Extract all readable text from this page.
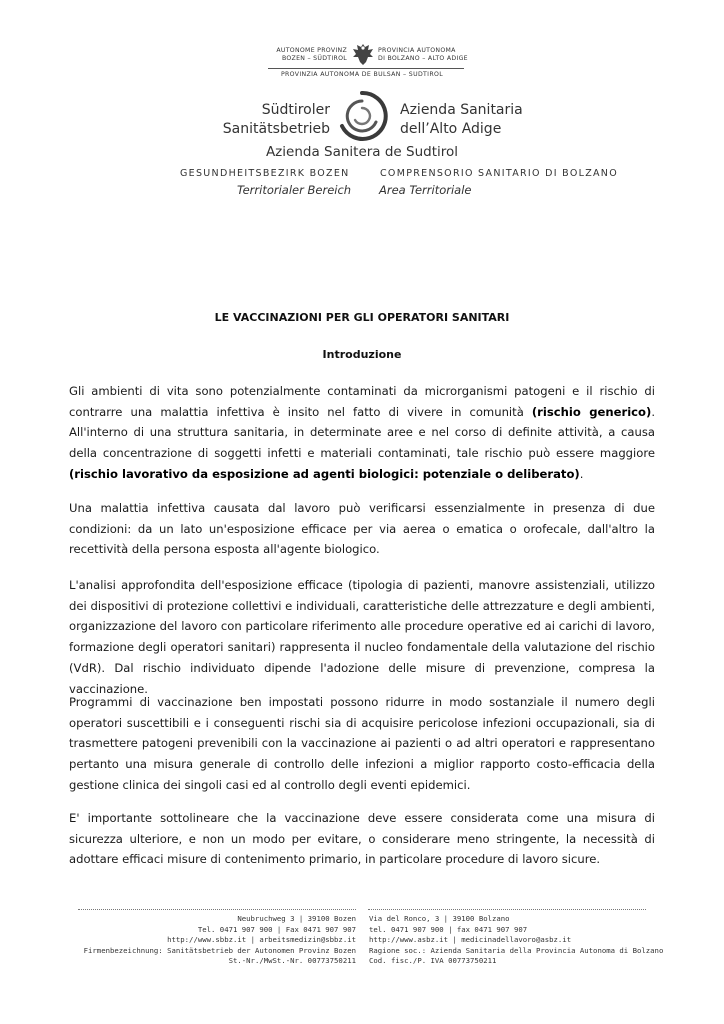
AUTONOME PROVINZ
BOZEN – SÜDTIROL
PROVINCIA AUTONOMA
DI BOLZANO – ALTO ADIGE
PROVINZIA AUTONOMA DE BULSAN – SUDTIROL
Südtiroler
Sanitätsbetrieb
Azienda Sanitaria
dell’Alto Adige
Azienda Sanitera de Sudtirol
GESUNDHEITSBEZIRK BOZEN
Territorialer Bereich
COMPRENSORIO SANITARIO DI BOLZANO
Area Territoriale
LE VACCINAZIONI PER GLI OPERATORI SANITARI
Introduzione
Gli ambienti di vita sono potenzialmente contaminati da microrganismi patogeni e il rischio di contrarre una malattia infettiva è insito nel fatto di vivere in comunità (rischio generico). All'interno di una struttura sanitaria, in determinate aree e nel corso di definite attività, a causa della concentrazione di soggetti infetti e materiali contaminati, tale rischio può essere maggiore (rischio lavorativo da esposizione ad agenti biologici: potenziale o deliberato).
Una malattia infettiva causata dal lavoro può verificarsi essenzialmente in presenza di due condizioni: da un lato un'esposizione efficace per via aerea o ematica o orofecale, dall'altro la recettività della persona esposta all'agente biologico.
L'analisi approfondita dell'esposizione efficace (tipologia di pazienti, manovre assistenziali, utilizzo dei dispositivi di protezione collettivi e individuali, caratteristiche delle attrezzature e degli ambienti, organizzazione del lavoro con particolare riferimento alle procedure operative ed ai carichi di lavoro, formazione degli operatori sanitari) rappresenta il nucleo fondamentale della valutazione del rischio (VdR). Dal rischio individuato dipende l'adozione delle misure di prevenzione, compresa la vaccinazione.
Programmi di vaccinazione ben impostati possono ridurre in modo sostanziale il numero degli operatori suscettibili e i conseguenti rischi sia di acquisire pericolose infezioni occupazionali, sia di trasmettere patogeni prevenibili con la vaccinazione ai pazienti o ad altri operatori e rappresentano pertanto una misura generale di controllo delle infezioni a miglior rapporto costo-efficacia della gestione clinica dei singoli casi ed al controllo degli eventi epidemici.
E' importante sottolineare che la vaccinazione deve essere considerata come una misura di sicurezza ulteriore, e non un modo per evitare, o considerare meno stringente, la necessità di adottare efficaci misure di contenimento primario, in particolare procedure di lavoro sicure.
Neubruchweg 3 | 39100 Bozen
Tel. 0471 907 900 | Fax 0471 907 907
http://www.sbbz.it | arbeitsmedizin@sbbz.it
Firmenbezeichnung: Sanitätsbetrieb der Autonomen Provinz Bozen
St.-Nr./MwSt.-Nr. 00773750211
Via del Ronco, 3 | 39100 Bolzano
tel. 0471 907 900 | fax 0471 907 907
http://www.asbz.it | medicinadellavoro@asbz.it
Ragione soc.: Azienda Sanitaria della Provincia Autonoma di Bolzano
Cod. fisc./P. IVA 00773750211
